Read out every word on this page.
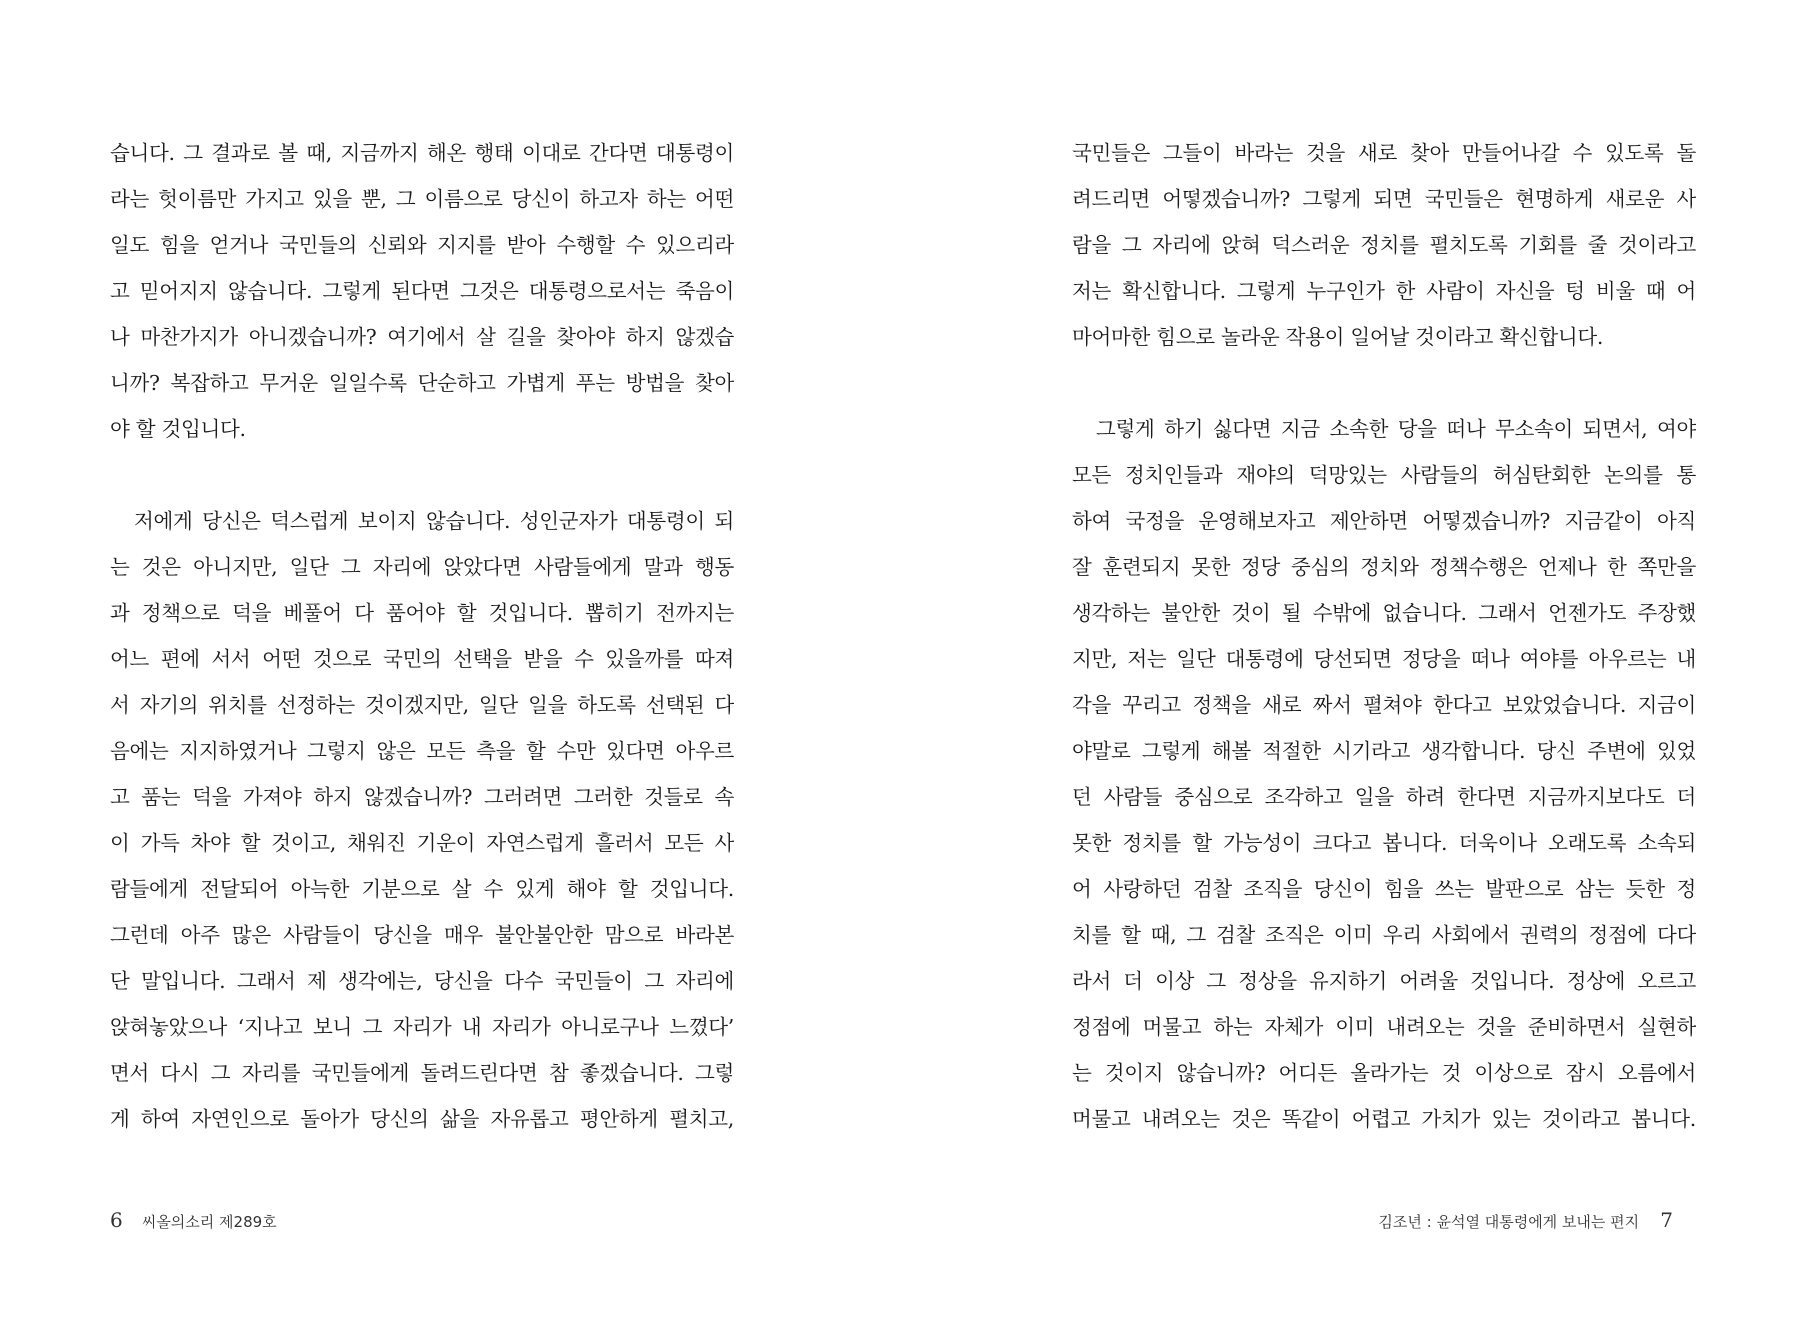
습니다. 그 결과로 볼 때, 지금까지 해온 행태 이대로 간다면 대통령이
라는 헛이름만 가지고 있을 뿐, 그 이름으로 당신이 하고자 하는 어떤
일도 힘을 얻거나 국민들의 신뢰와 지지를 받아 수행할 수 있으리라
고 믿어지지 않습니다. 그렇게 된다면 그것은 대통령으로서는 죽음이
나 마찬가지가 아니겠습니까? 여기에서 살 길을 찾아야 하지 않겠습
니까? 복잡하고 무거운 일일수록 단순하고 가볍게 푸는 방법을 찾아
야 할 것입니다.
저에게 당신은 덕스럽게 보이지 않습니다. 성인군자가 대통령이 되
는 것은 아니지만, 일단 그 자리에 앉았다면 사람들에게 말과 행동
과 정책으로 덕을 베풀어 다 품어야 할 것입니다. 뽑히기 전까지는
어느 편에 서서 어떤 것으로 국민의 선택을 받을 수 있을까를 따져
서 자기의 위치를 선정하는 것이겠지만, 일단 일을 하도록 선택된 다
음에는 지지하였거나 그렇지 않은 모든 측을 할 수만 있다면 아우르
고 품는 덕을 가져야 하지 않겠습니까? 그러려면 그러한 것들로 속
이 가득 차야 할 것이고, 채워진 기운이 자연스럽게 흘러서 모든 사
람들에게 전달되어 아늑한 기분으로 살 수 있게 해야 할 것입니다.
그런데 아주 많은 사람들이 당신을 매우 불안불안한 맘으로 바라본
단 말입니다. 그래서 제 생각에는, 당신을 다수 국민들이 그 자리에
앉혀놓았으나 ‘지나고 보니 그 자리가 내 자리가 아니로구나 느꼈다’
면서 다시 그 자리를 국민들에게 돌려드린다면 참 좋겠습니다. 그렇
게 하여 자연인으로 돌아가 당신의 삶을 자유롭고 평안하게 펼치고,
6 씨올의소리 제289호
국민들은 그들이 바라는 것을 새로 찾아 만들어나갈 수 있도록 돌
려드리면 어떻겠습니까? 그렇게 되면 국민들은 현명하게 새로운 사
람을 그 자리에 앉혀 덕스러운 정치를 펼치도록 기회를 줄 것이라고
저는 확신합니다. 그렇게 누구인가 한 사람이 자신을 텅 비울 때 어
마어마한 힘으로 놀라운 작용이 일어날 것이라고 확신합니다.
그렇게 하기 싫다면 지금 소속한 당을 떠나 무소속이 되면서, 여야
모든 정치인들과 재야의 덕망있는 사람들의 허심탄회한 논의를 통
하여 국정을 운영해보자고 제안하면 어떻겠습니까? 지금같이 아직
잘 훈련되지 못한 정당 중심의 정치와 정책수행은 언제나 한 쪽만을
생각하는 불안한 것이 될 수밖에 없습니다. 그래서 언젠가도 주장했
지만, 저는 일단 대통령에 당선되면 정당을 떠나 여야를 아우르는 내
각을 꾸리고 정책을 새로 짜서 펼쳐야 한다고 보았었습니다. 지금이
야말로 그렇게 해볼 적절한 시기라고 생각합니다. 당신 주변에 있었
던 사람들 중심으로 조각하고 일을 하려 한다면 지금까지보다도 더
못한 정치를 할 가능성이 크다고 봅니다. 더욱이나 오래도록 소속되
어 사랑하던 검찰 조직을 당신이 힘을 쓰는 발판으로 삼는 듯한 정
치를 할 때, 그 검찰 조직은 이미 우리 사회에서 권력의 정점에 다다
라서 더 이상 그 정상을 유지하기 어려울 것입니다. 정상에 오르고
정점에 머물고 하는 자체가 이미 내려오는 것을 준비하면서 실현하
는 것이지 않습니까? 어디든 올라가는 것 이상으로 잠시 오름에서
머물고 내려오는 것은 똑같이 어렵고 가치가 있는 것이라고 봅니다.
김조년 : 윤석열 대통령에게 보내는 편지 7
